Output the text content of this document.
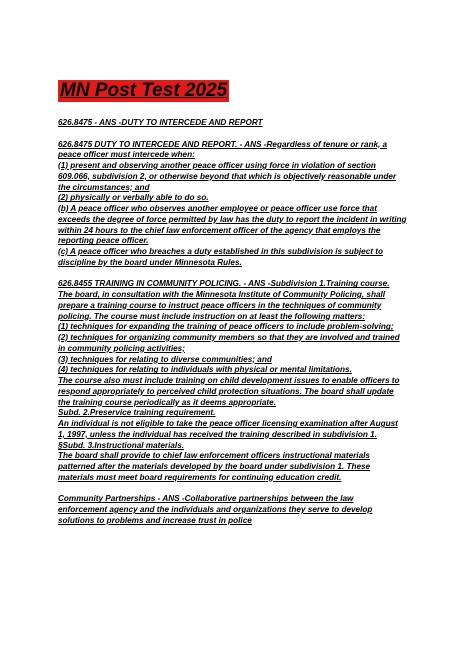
MN Post Test 2025

626.8475 - ANS -DUTY TO INTERCEDE AND REPORT

626.8475 DUTY TO INTERCEDE AND REPORT. - ANS -Regardless of tenure or rank, a
peace officer must intercede when:
(1) present and observing another peace officer using force in violation of section
609.066, subdivision 2, or otherwise beyond that which is objectively reasonable under
the circumstances; and
(2) physically or verbally able to do so.
(b) A peace officer who observes another employee or peace officer use force that
exceeds the degree of force permitted by law has the duty to report the incident in writing
within 24 hours to the chief law enforcement officer of the agency that employs the
reporting peace officer.
(c) A peace officer who breaches a duty established in this subdivision is subject to
discipline by the board under Minnesota Rules.

626.8455 TRAINING IN COMMUNITY POLICING. - ANS -Subdivision 1.Training course.
The board, in consultation with the Minnesota Institute of Community Policing, shall
prepare a training course to instruct peace officers in the techniques of community
policing. The course must include instruction on at least the following matters:
(1) techniques for expanding the training of peace officers to include problem-solving;
(2) techniques for organizing community members so that they are involved and trained
in community policing activities;
(3) techniques for relating to diverse communities; and
(4) techniques for relating to individuals with physical or mental limitations.
The course also must include training on child development issues to enable officers to
respond appropriately to perceived child protection situations. The board shall update
the training course periodically as it deems appropriate.
Subd. 2.Preservice training requirement.
An individual is not eligible to take the peace officer licensing examination after August
1, 1997, unless the individual has received the training described in subdivision 1.
§Subd. 3.Instructional materials.
The board shall provide to chief law enforcement officers instructional materials
patterned after the materials developed by the board under subdivision 1. These
materials must meet board requirements for continuing education credit.

Community Partnerships - ANS -Collaborative partnerships between the law
enforcement agency and the individuals and organizations they serve to develop
solutions to problems and increase trust in police
